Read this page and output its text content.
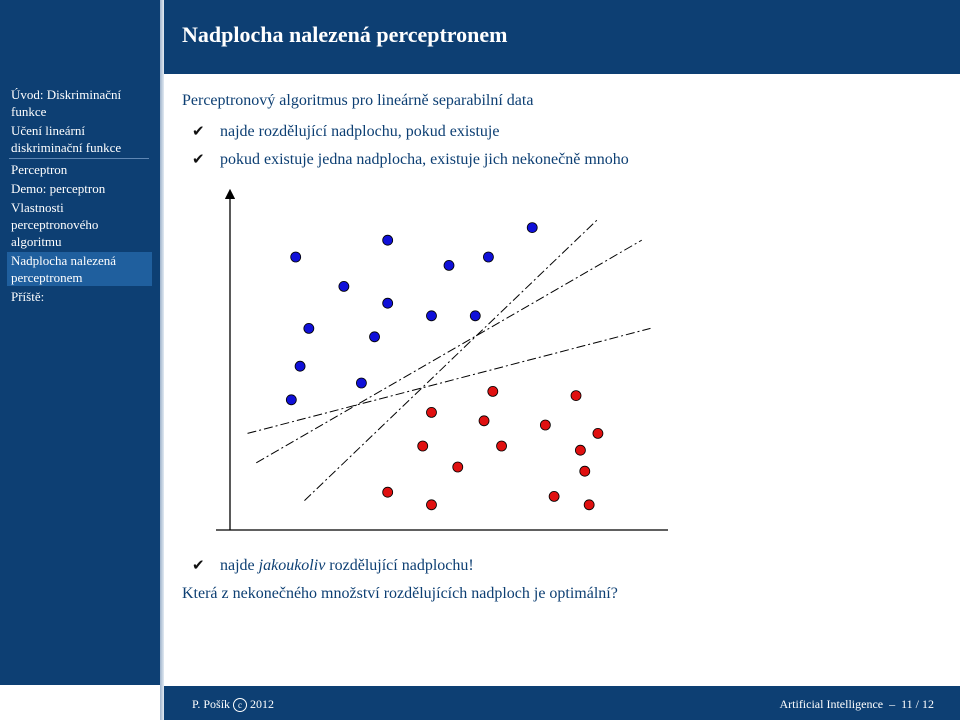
Úvod: Diskriminační funkce
Učení lineární diskriminační funkce
Perceptron
Demo: perceptron
Vlastnosti perceptronového algoritmu
Nadplocha nalezená perceptronem
Příště:
Nadplocha nalezená perceptronem
Perceptronový algoritmus pro lineárně separabilní data
✔ najde rozdělující nadplochu, pokud existuje
✔ pokud existuje jedna nadplocha, existuje jich nekonečně mnoho
✔ najde jakoukoliv rozdělující nadplochu!
Která z nekonečného množství rozdělujících nadploch je optimální?
P. Pošík c 2012	Artificial Intelligence  –  11 / 12
